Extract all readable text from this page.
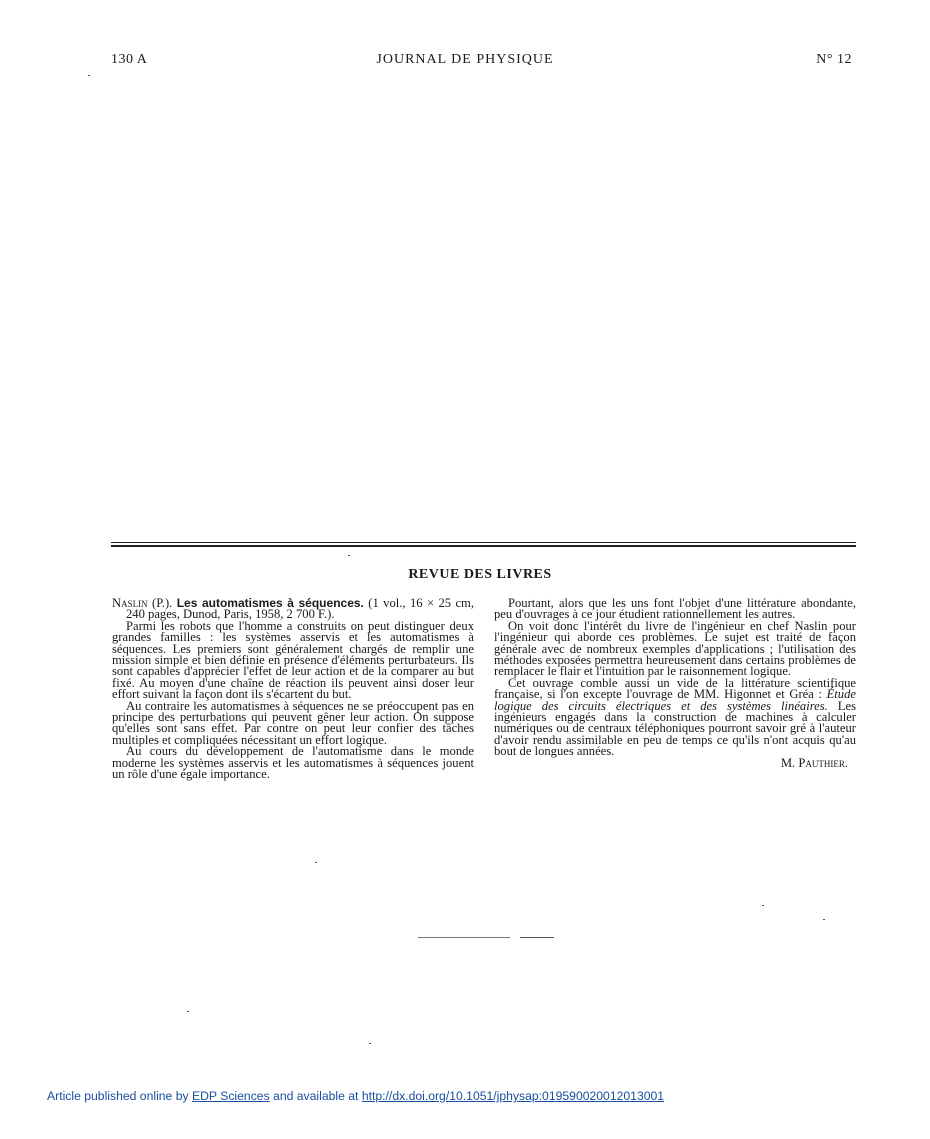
130 A	JOURNAL DE PHYSIQUE	N° 12
REVUE DES LIVRES

Naslin (P.). Les automatismes à séquences. (1 vol., 16 × 25 cm, 240 pages, Dunod, Paris, 1958, 2 700 F.).

Parmi les robots que l'homme a construits on peut distinguer deux grandes familles : les systèmes asservis et les automatismes à séquences. Les premiers sont généralement chargés de remplir une mission simple et bien définie en présence d'éléments perturbateurs. Ils sont capables d'apprécier l'effet de leur action et de la comparer au but fixé. Au moyen d'une chaîne de réaction ils peuvent ainsi doser leur effort suivant la façon dont ils s'écartent du but.

Au contraire les automatismes à séquences ne se préoccupent pas en principe des perturbations qui peuvent gêner leur action. On suppose qu'elles sont sans effet. Par contre on peut leur confier des tâches multiples et compliquées nécessitant un effort logique.

Au cours du développement de l'automatisme dans le monde moderne les systèmes asservis et les automatismes à séquences jouent un rôle d'une égale importance.

Pourtant, alors que les uns font l'objet d'une littérature abondante, peu d'ouvrages à ce jour étudient rationnellement les autres.

On voit donc l'intérêt du livre de l'ingénieur en chef Naslin pour l'ingénieur qui aborde ces problèmes. Le sujet est traité de façon générale avec de nombreux exemples d'applications ; l'utilisation des méthodes exposées permettra heureusement dans certains problèmes de remplacer le flair et l'intuition par le raisonnement logique.

Cet ouvrage comble aussi un vide de la littérature scientifique française, si l'on excepte l'ouvrage de MM. Higonnet et Gréa : Étude logique des circuits électriques et des systèmes linéaires. Les ingénieurs engagés dans la construction de machines à calculer numériques ou de centraux téléphoniques pourront savoir gré à l'auteur d'avoir rendu assimilable en peu de temps ce qu'ils n'ont acquis qu'au bout de longues années.

M. Pauthier.

Article published online by EDP Sciences and available at http://dx.doi.org/10.1051/jphysap:019590020012013001
